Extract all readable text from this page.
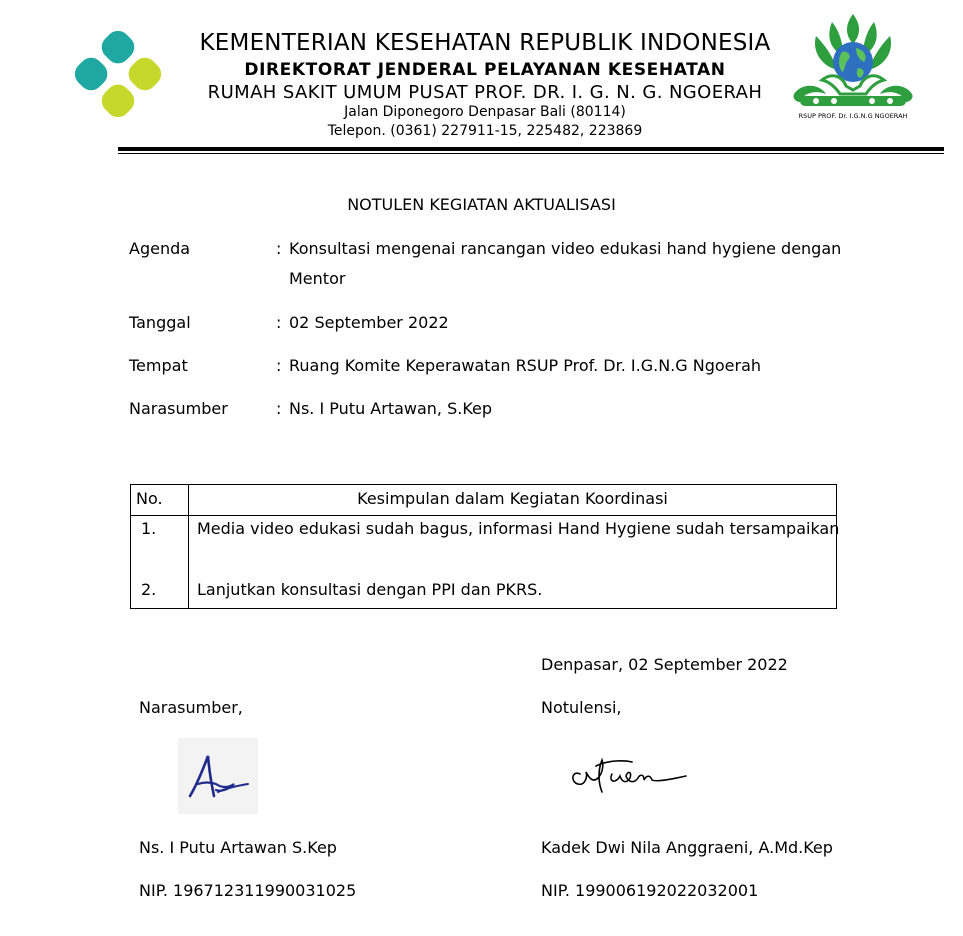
KEMENTERIAN KESEHATAN REPUBLIK INDONESIA
DIREKTORAT JENDERAL PELAYANAN KESEHATAN
RUMAH SAKIT UMUM PUSAT PROF. DR. I. G. N. G. NGOERAH
Jalan Diponegoro Denpasar Bali (80114)
Telepon. (0361) 227911-15, 225482, 223869
RSUP PROF. Dr. I.G.N.G NGOERAH
NOTULEN KEGIATAN AKTUALISASI
Agenda	: Konsultasi mengenai rancangan video edukasi hand hygiene dengan Mentor
Tanggal	: 02 September 2022
Tempat	: Ruang Komite Keperawatan RSUP Prof. Dr. I.G.N.G Ngoerah
Narasumber	: Ns. I Putu Artawan, S.Kep
No.	Kesimpulan dalam Kegiatan Koordinasi
1.	Media video edukasi sudah bagus, informasi Hand Hygiene sudah tersampaikan
2.	Lanjutkan konsultasi dengan PPI dan PKRS.
Denpasar, 02 September 2022
Narasumber,	Notulensi,
Ns. I Putu Artawan S.Kep	Kadek Dwi Nila Anggraeni, A.Md.Kep
NIP. 196712311990031025	NIP. 199006192022032001
